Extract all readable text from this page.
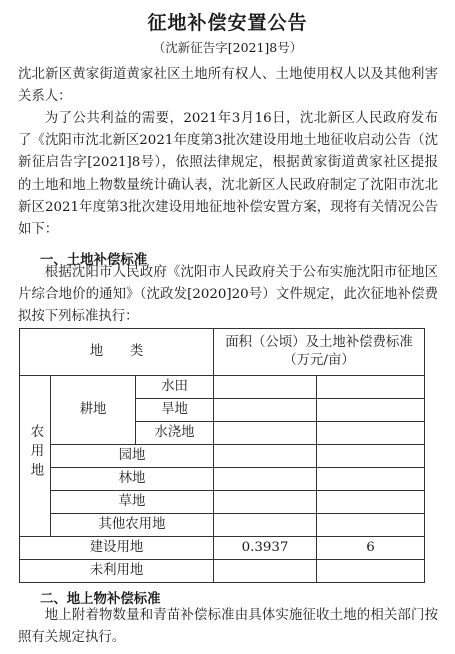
征地补偿安置公告
（沈新征告字[2021]8号）
沈北新区黄家街道黄家社区土地所有权人、土地使用权人以及其他利害关系人：
为了公共利益的需要，2021年3月16日，沈北新区人民政府发布了《沈阳市沈北新区2021年度第3批次建设用地土地征收启动公告（沈新征启告字[2021]8号），依照法律规定，根据黄家街道黄家社区提报的土地和地上物数量统计确认表，沈北新区人民政府制定了沈阳市沈北新区2021年度第3批次建设用地征地补偿安置方案，现将有关情况公告如下：
一、土地补偿标准
根据沈阳市人民政府《沈阳市人民政府关于公布实施沈阳市征地区片综合地价的通知》（沈政发[2020]20号）文件规定，此次征地补偿费拟按下列标准执行：
地　　类			面积（公顷）及土地补偿费标准（万元/亩）	
农用地	耕地	水田		
		旱地		
		水浇地		
	园地			
	林地			
	草地			
	其他农用地			
建设用地			0.3937	6
未利用地				
二、地上物补偿标准
地上附着物数量和青苗补偿标准由具体实施征收土地的相关部门按照有关规定执行。
